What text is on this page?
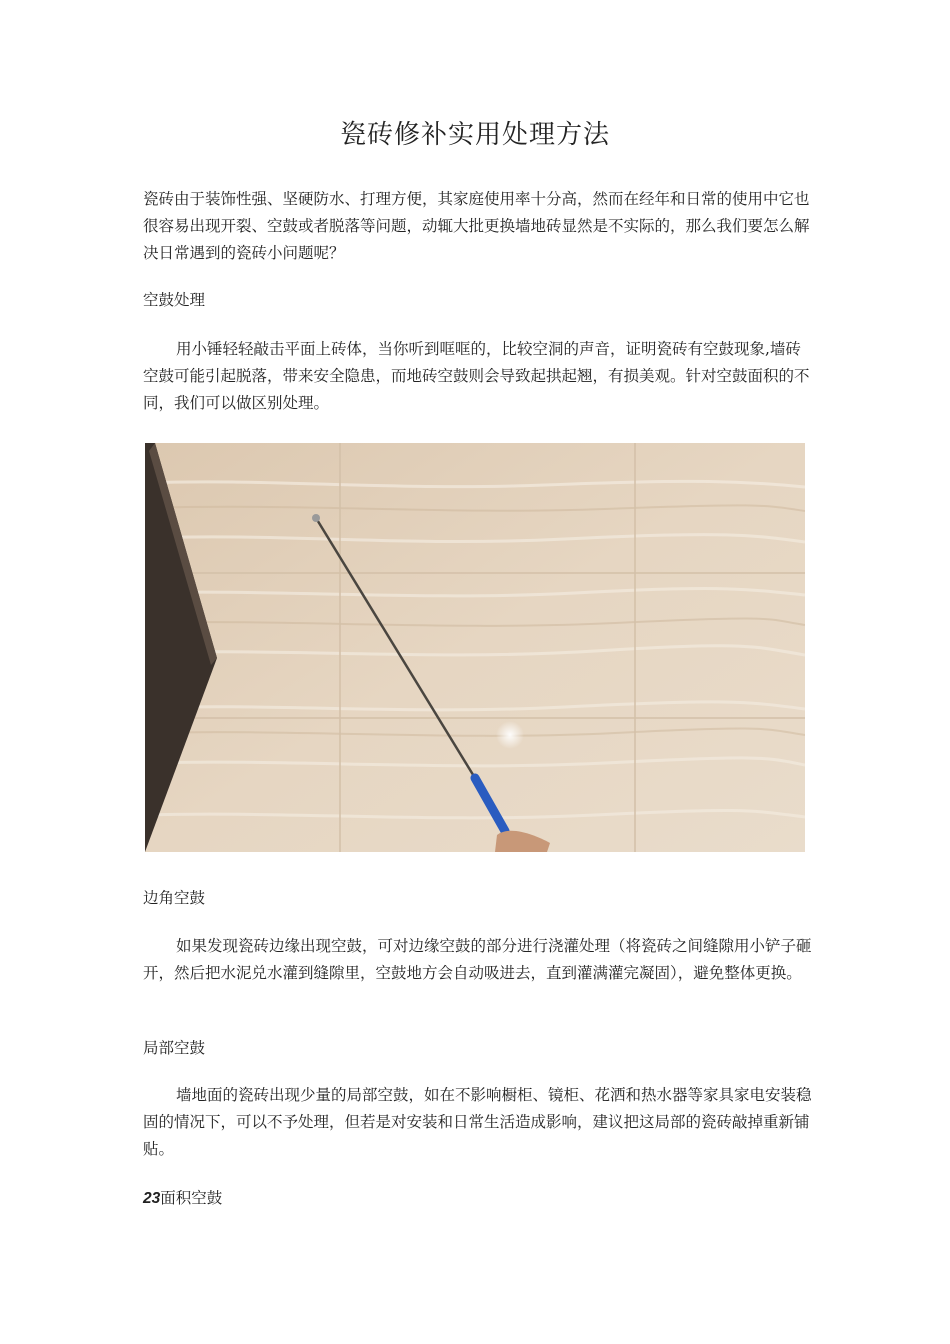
瓷砖修补实用处理方法

瓷砖由于装饰性强、坚硬防水、打理方便，其家庭使用率十分高，然而在经年和日常的使用中它也很容易出现开裂、空鼓或者脱落等问题，动辄大批更换墙地砖显然是不实际的，那么我们要怎么解决日常遇到的瓷砖小问题呢？

空鼓处理

用小锤轻轻敲击平面上砖体，当你听到哐哐的，比较空洞的声音，证明瓷砖有空鼓现象,墙砖空鼓可能引起脱落，带来安全隐患，而地砖空鼓则会导致起拱起翘，有损美观。针对空鼓面积的不同，我们可以做区别处理。

边角空鼓

如果发现瓷砖边缘出现空鼓，可对边缘空鼓的部分进行浇灌处理（将瓷砖之间缝隙用小铲子砸开，然后把水泥兑水灌到缝隙里，空鼓地方会自动吸进去，直到灌满灌完凝固），避免整体更换。

局部空鼓

墙地面的瓷砖出现少量的局部空鼓，如在不影响橱柜、镜柜、花洒和热水器等家具家电安装稳固的情况下，可以不予处理，但若是对安装和日常生活造成影响，建议把这局部的瓷砖敲掉重新铺贴。

23面积空鼓
